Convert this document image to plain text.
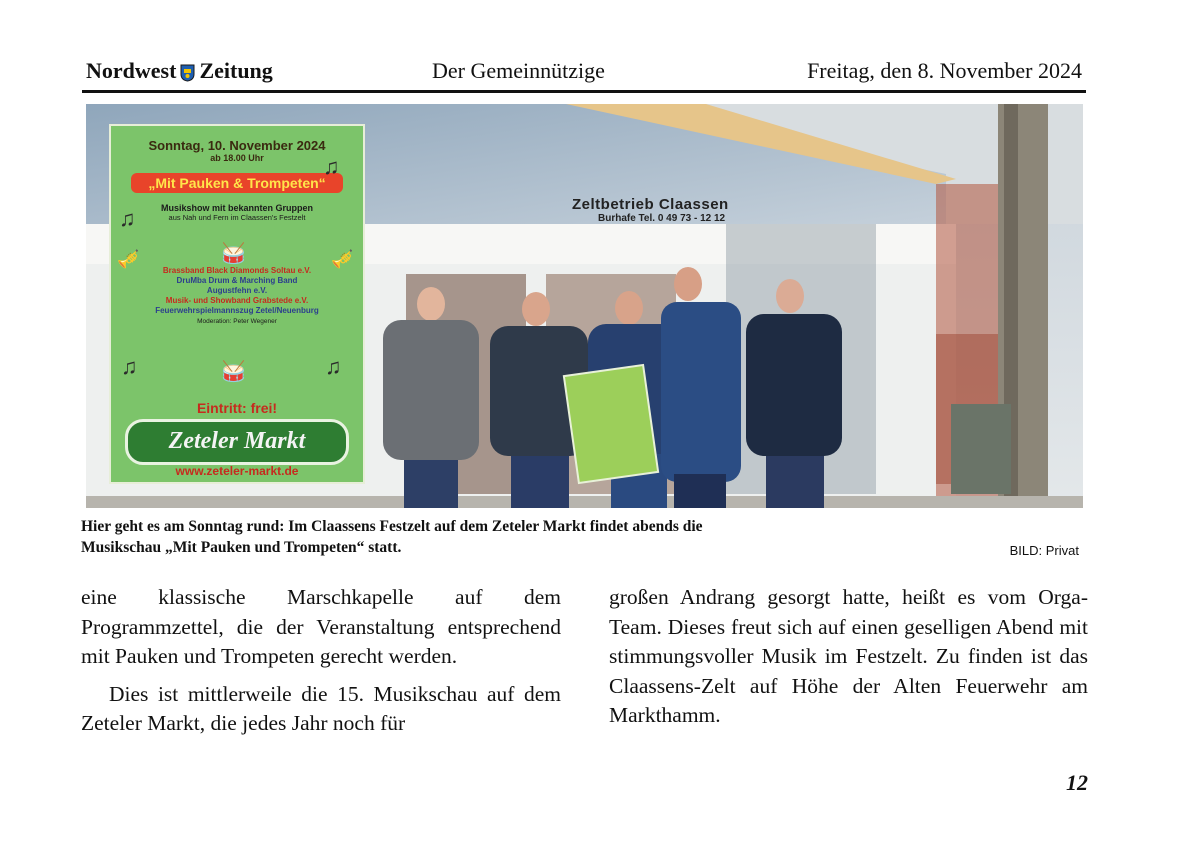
Nordwest Zeitung	Der Gemeinnützige	Freitag, den 8. November 2024
Sonntag, 10. November 2024
ab 18.00 Uhr
„Mit Pauken & Trompeten“
Musikshow mit bekannten Gruppen
aus Nah und Fern im Claassen's Festzelt
♫
♫
🎺	🥁	🎺
Brassband Black Diamonds Soltau e.V.
DruMba Drum & Marching Band
Augustfehn e.V.
Musik- und Showband Grabstede e.V.
Feuerwehrspielmannszug Zetel/Neuenburg
Moderation: Peter Wegener
♫	🥁	♫
Eintritt: frei!
Zeteler Markt
www.zeteler-markt.de
Zeltbetrieb Claassen
Burhafe Tel. 0 49 73 - 12 12
Hier geht es am Sonntag rund: Im Claassens Festzelt auf dem Zeteler Markt findet abends die
Musikschau „Mit Pauken und Trompeten“ statt.	BILD: Privat

eine klassische Marschkapelle auf dem Programmzettel, die der Veranstaltung entsprechend mit Pauken und Trompeten gerecht werden.

Dies ist mittlerweile die 15. Musikschau auf dem Zeteler Markt, die jedes Jahr noch für

großen Andrang gesorgt hatte, heißt es vom Orga-Team. Dieses freut sich auf einen geselligen Abend mit stimmungsvoller Musik im Festzelt. Zu finden ist das Claassens-Zelt auf Höhe der Alten Feuerwehr am Markthamm.

12
